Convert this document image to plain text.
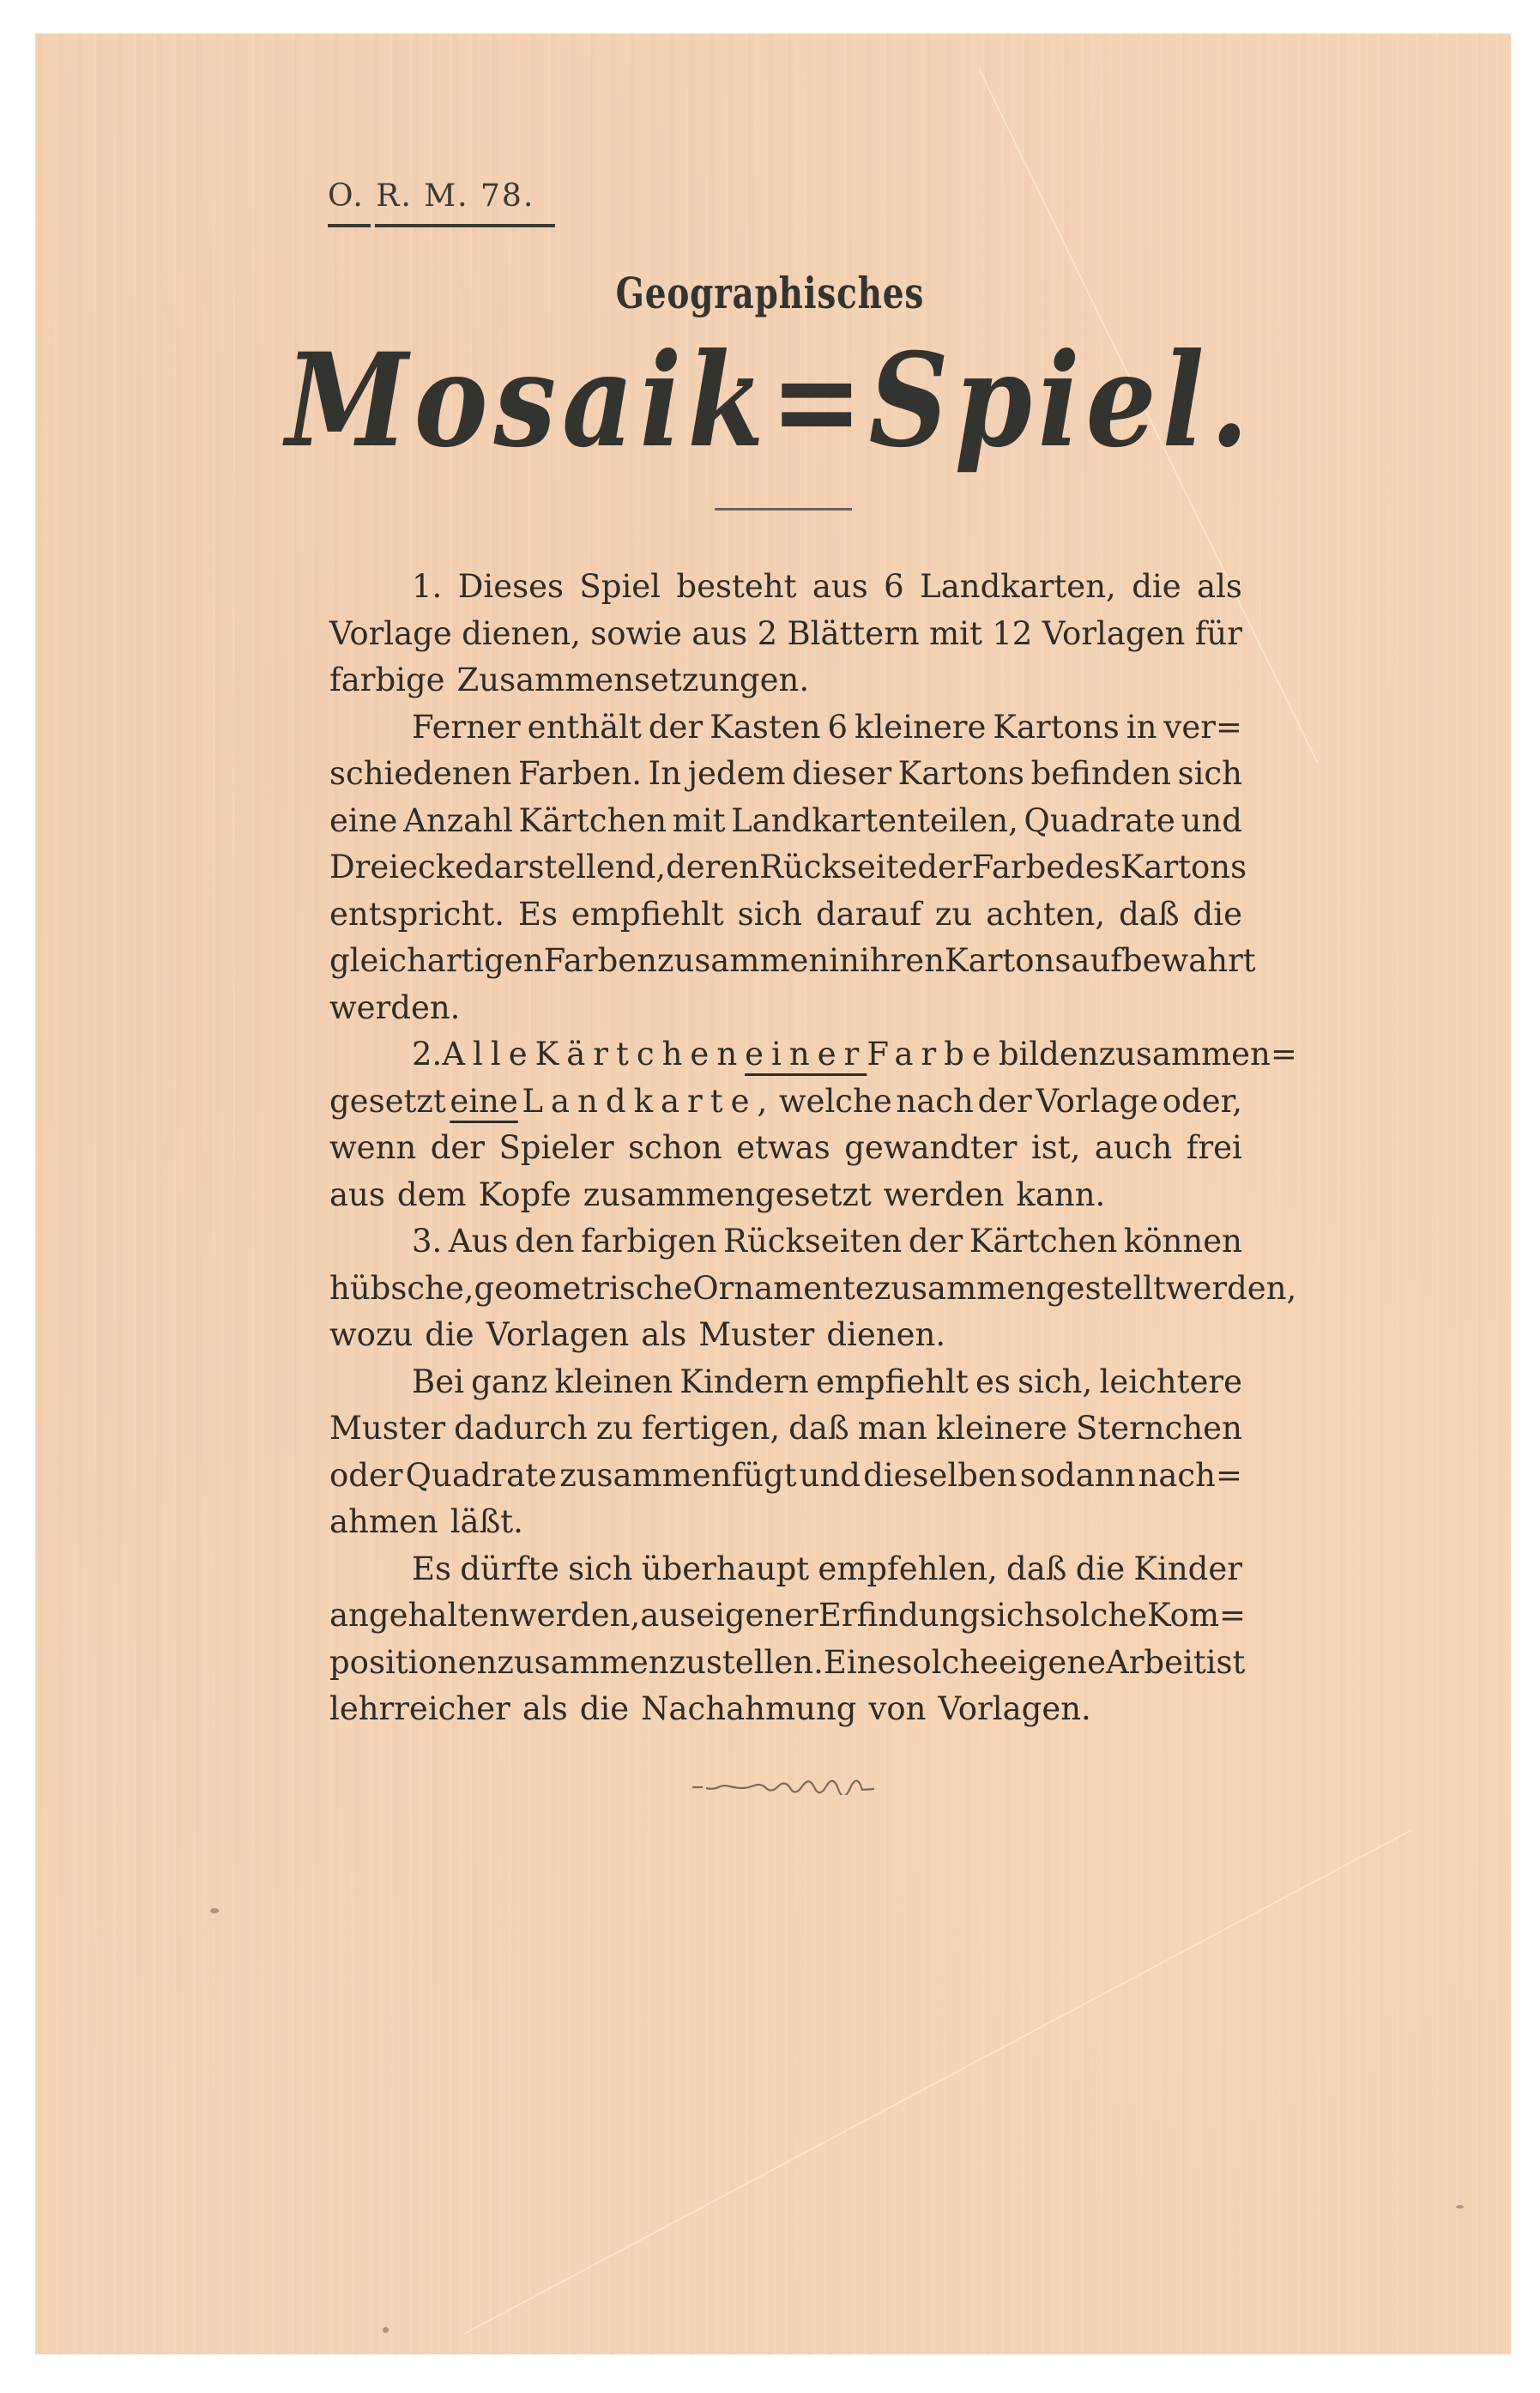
O. R. M. 78.
Geographisches
Mosaik=Spiel.
1. Dieses Spiel besteht aus 6 Landkarten, die als
Vorlage dienen, sowie aus 2 Blättern mit 12 Vorlagen für
farbige Zusammensetzungen.
Ferner enthält der Kasten 6 kleinere Kartons in ver=
schiedenen Farben. In jedem dieser Kartons befinden sich
eine Anzahl Kärtchen mit Landkartenteilen, Quadrate und
Dreiecke darstellend, deren Rückseite der Farbe des Kartons
entspricht. Es empfiehlt sich darauf zu achten, daß die
gleichartigen Farben zusammen in ihren Kartons aufbewahrt
werden.
2. Alle Kärtchen einer Farbe bilden zusammen=
gesetzt eine Landkarte, welche nach der Vorlage oder,
wenn der Spieler schon etwas gewandter ist, auch frei
aus dem Kopfe zusammengesetzt werden kann.
3. Aus den farbigen Rückseiten der Kärtchen können
hübsche, geometrische Ornamente zusammengestellt werden,
wozu die Vorlagen als Muster dienen.
Bei ganz kleinen Kindern empfiehlt es sich, leichtere
Muster dadurch zu fertigen, daß man kleinere Sternchen
oder Quadrate zusammenfügt und dieselben sodann nach=
ahmen läßt.
Es dürfte sich überhaupt empfehlen, daß die Kinder
angehalten werden, aus eigener Erfindung sich solche Kom=
positionen zusammenzustellen. Eine solche eigene Arbeit ist
lehrreicher als die Nachahmung von Vorlagen.
